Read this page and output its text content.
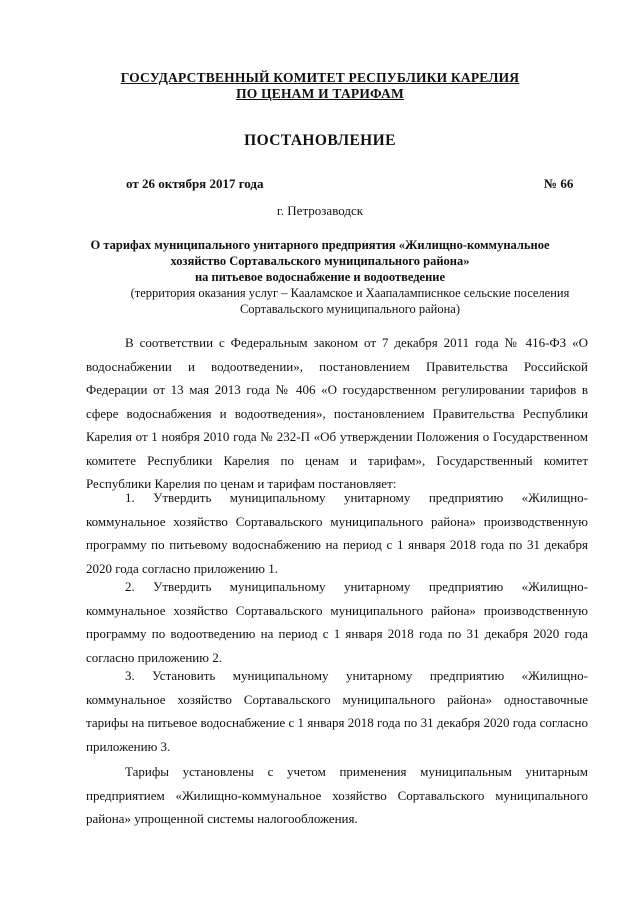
ГОСУДАРСТВЕННЫЙ КОМИТЕТ РЕСПУБЛИКИ КАРЕЛИЯ
ПО ЦЕНАМ И ТАРИФАМ
ПОСТАНОВЛЕНИЕ
от 26 октября 2017 года	№ 66
г. Петрозаводск
О тарифах муниципального унитарного предприятия «Жилищно-коммунальное
хозяйство Сортавальского муниципального района»
на питьевое водоснабжение и водоотведение
(территория оказания услуг – Кааламское и Хаапаламписнкое сельские поселения
Сортавальского муниципального района)

В соответствии с Федеральным законом от 7 декабря 2011 года № 416-ФЗ «О водоснабжении и водоотведении», постановлением Правительства Российской Федерации от 13 мая 2013 года № 406 «О государственном регулировании тарифов в сфере водоснабжения и водоотведения», постановлением Правительства Республики Карелия от 1 ноября 2010 года № 232-П «Об утверждении Положения о Государственном комитете Республики Карелия по ценам и тарифам», Государственный комитет Республики Карелия по ценам и тарифам постановляет:

1. Утвердить муниципальному унитарному предприятию «Жилищно-коммунальное хозяйство Сортавальского муниципального района» производственную программу по питьевому водоснабжению на период с 1 января 2018 года по 31 декабря 2020 года согласно приложению 1.

2. Утвердить муниципальному унитарному предприятию «Жилищно-коммунальное хозяйство Сортавальского муниципального района» производственную программу по водоотведению на период с 1 января 2018 года по 31 декабря 2020 года согласно приложению 2.

3. Установить муниципальному унитарному предприятию «Жилищно-коммунальное хозяйство Сортавальского муниципального района» одноставочные тарифы на питьевое водоснабжение с 1 января 2018 года по 31 декабря 2020 года согласно приложению 3.

Тарифы установлены с учетом применения муниципальным унитарным предприятием «Жилищно-коммунальное хозяйство Сортавальского муниципального района» упрощенной системы налогообложения.
